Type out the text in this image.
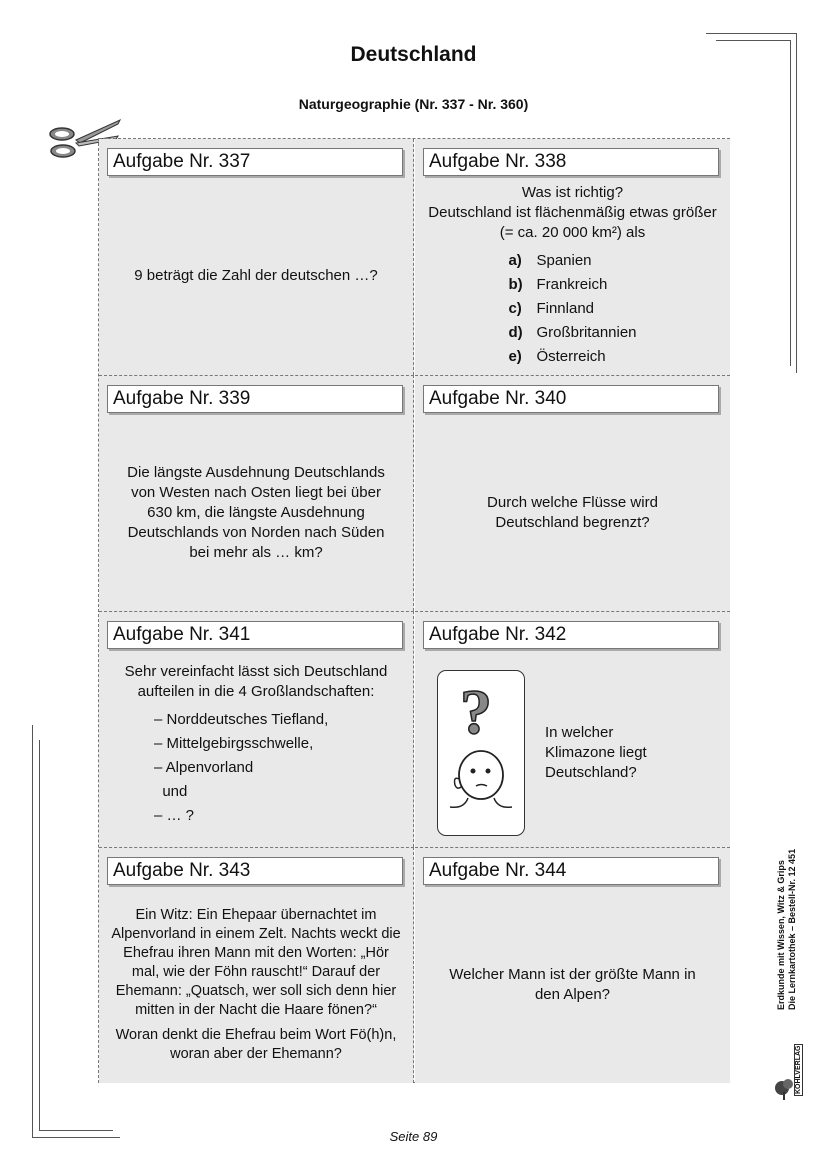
Deutschland
Naturgeographie (Nr. 337 - Nr. 360)
Aufgabe Nr. 337
9 beträgt die Zahl der deutschen …?
Aufgabe Nr. 338
Was ist richtig?
Deutschland ist flächenmäßig etwas größer (= ca. 20 000 km²) als
a) Spanien
b) Frankreich
c) Finnland
d) Großbritannien
e) Österreich
Aufgabe Nr. 339
Die längste Ausdehnung Deutschlands von Westen nach Osten liegt bei über 630 km, die längste Ausdehnung Deutschlands von Norden nach Süden bei mehr als … km?
Aufgabe Nr. 340
Durch welche Flüsse wird Deutschland begrenzt?
Aufgabe Nr. 341
Sehr vereinfacht lässt sich Deutschland aufteilen in die 4 Großlandschaften:
– Norddeutsches Tiefland,
– Mittelgebirgsschwelle,
– Alpenvorland
und
– … ?
Aufgabe Nr. 342
?	In welcher Klimazone liegt Deutschland?
Aufgabe Nr. 343
Ein Witz: Ein Ehepaar übernachtet im Alpenvorland in einem Zelt. Nachts weckt die Ehefrau ihren Mann mit den Worten: „Hör mal, wie der Föhn rauscht!“ Darauf der Ehemann: „Quatsch, wer soll sich denn hier mitten in der Nacht die Haare fönen?“
Woran denkt die Ehefrau beim Wort Fö(h)n, woran aber der Ehemann?
Aufgabe Nr. 344
Welcher Mann ist der größte Mann in den Alpen?	Erdkunde mit Wissen, Witz & Grips Die Lernkartothek – Bestell-Nr. 12 451
KOHLVERLAG
Seite 89
